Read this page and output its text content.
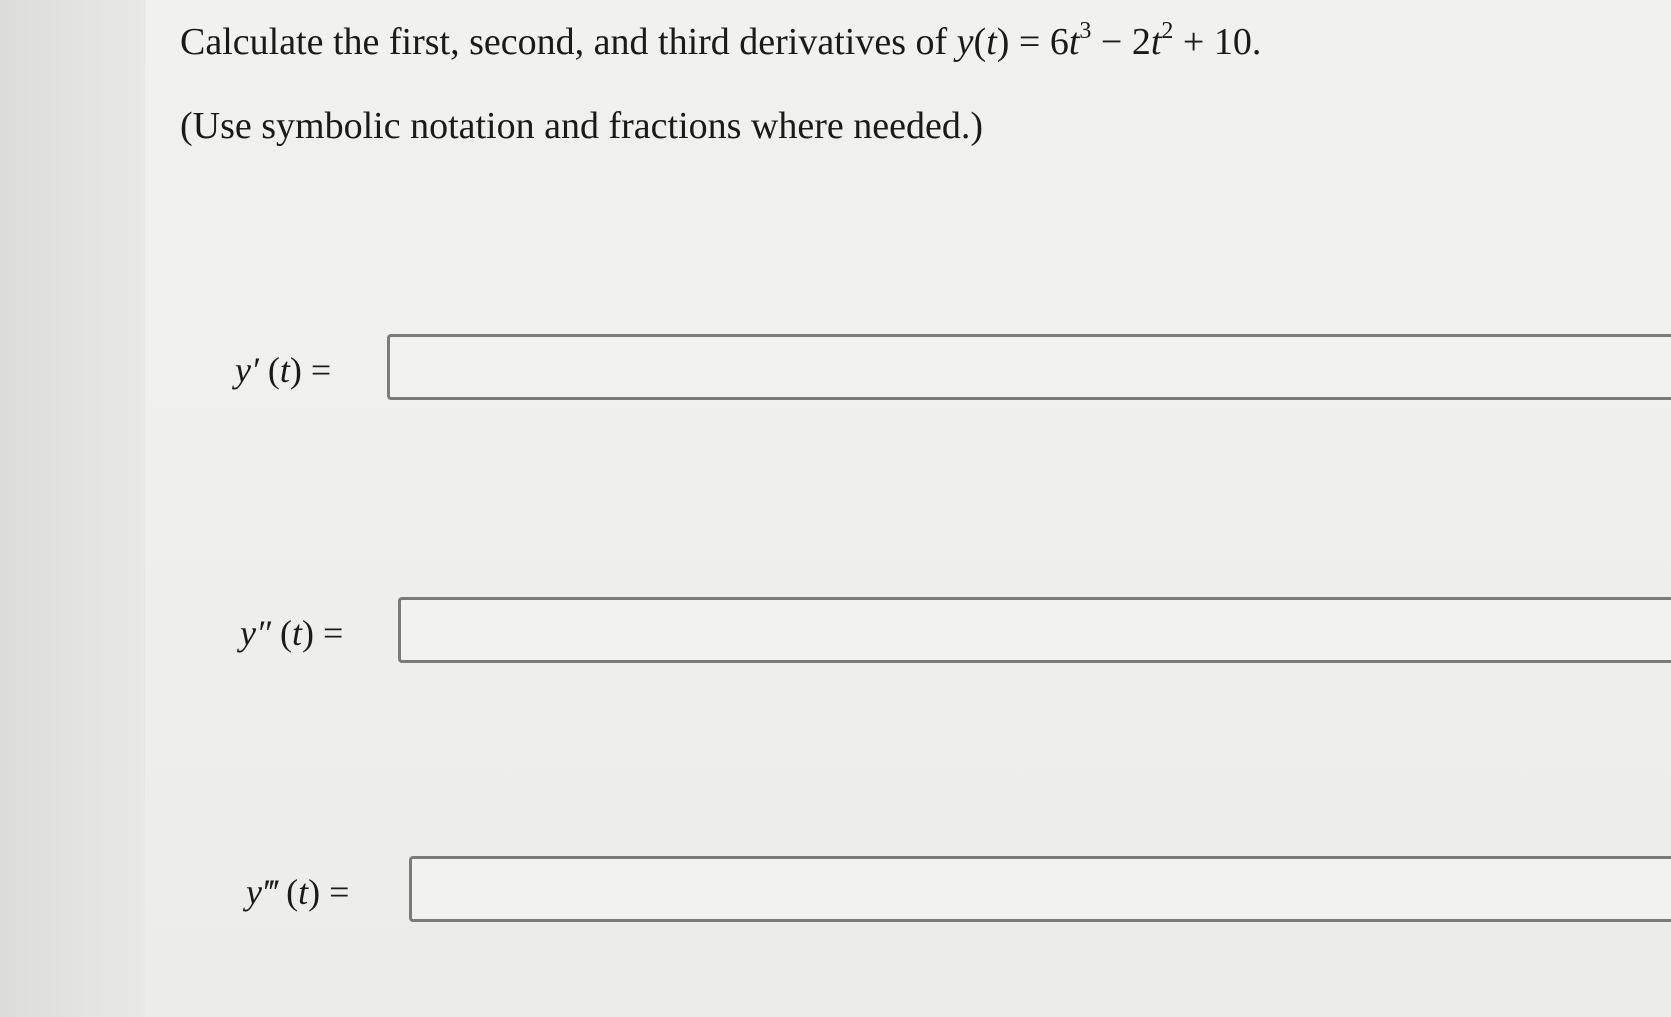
Calculate the first, second, and third derivatives of $y(t) = 6t^3 - 2t^2 + 10$.
(Use symbolic notation and fractions where needed.)
y′ (t) =
y″ (t) =
y‴ (t) =
